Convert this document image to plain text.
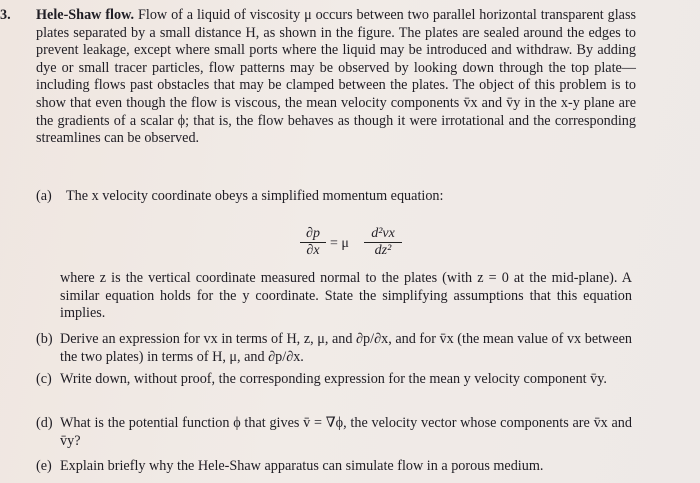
3. Hele-Shaw flow. Flow of a liquid of viscosity μ occurs between two parallel horizontal transparent glass plates separated by a small distance H, as shown in the figure. The plates are sealed around the edges to prevent leakage, except where small ports where the liquid may be introduced and withdraw. By adding dye or small tracer particles, flow patterns may be observed by looking down through the top plate—including flows past obstacles that may be clamped between the plates. The object of this problem is to show that even though the flow is viscous, the mean velocity components v̄x and v̄y in the x-y plane are the gradients of a scalar ϕ; that is, the flow behaves as though it were irrotational and the corresponding streamlines can be observed.
(a) The x velocity coordinate obeys a simplified momentum equation:
$\frac{\partial p}{\partial x} = \mu \frac{\text{d²vx}}{\text{dz²}}$
where z is the vertical coordinate measured normal to the plates (with z = 0 at the mid-plane). A similar equation holds for the y coordinate. State the simplifying assumptions that this equation implies.
(b) Derive an expression for vx in terms of H, z, μ, and ∂p/∂x, and for v̄x (the mean value of vx between the two plates) in terms of H, μ, and ∂p/∂x.
(c) Write down, without proof, the corresponding expression for the mean y velocity component v̄y.
(d) What is the potential function ϕ that gives v̄ = ∇ϕ, the velocity vector whose components are v̄x and v̄y?
(e) Explain briefly why the Hele-Shaw apparatus can simulate flow in a porous medium.
